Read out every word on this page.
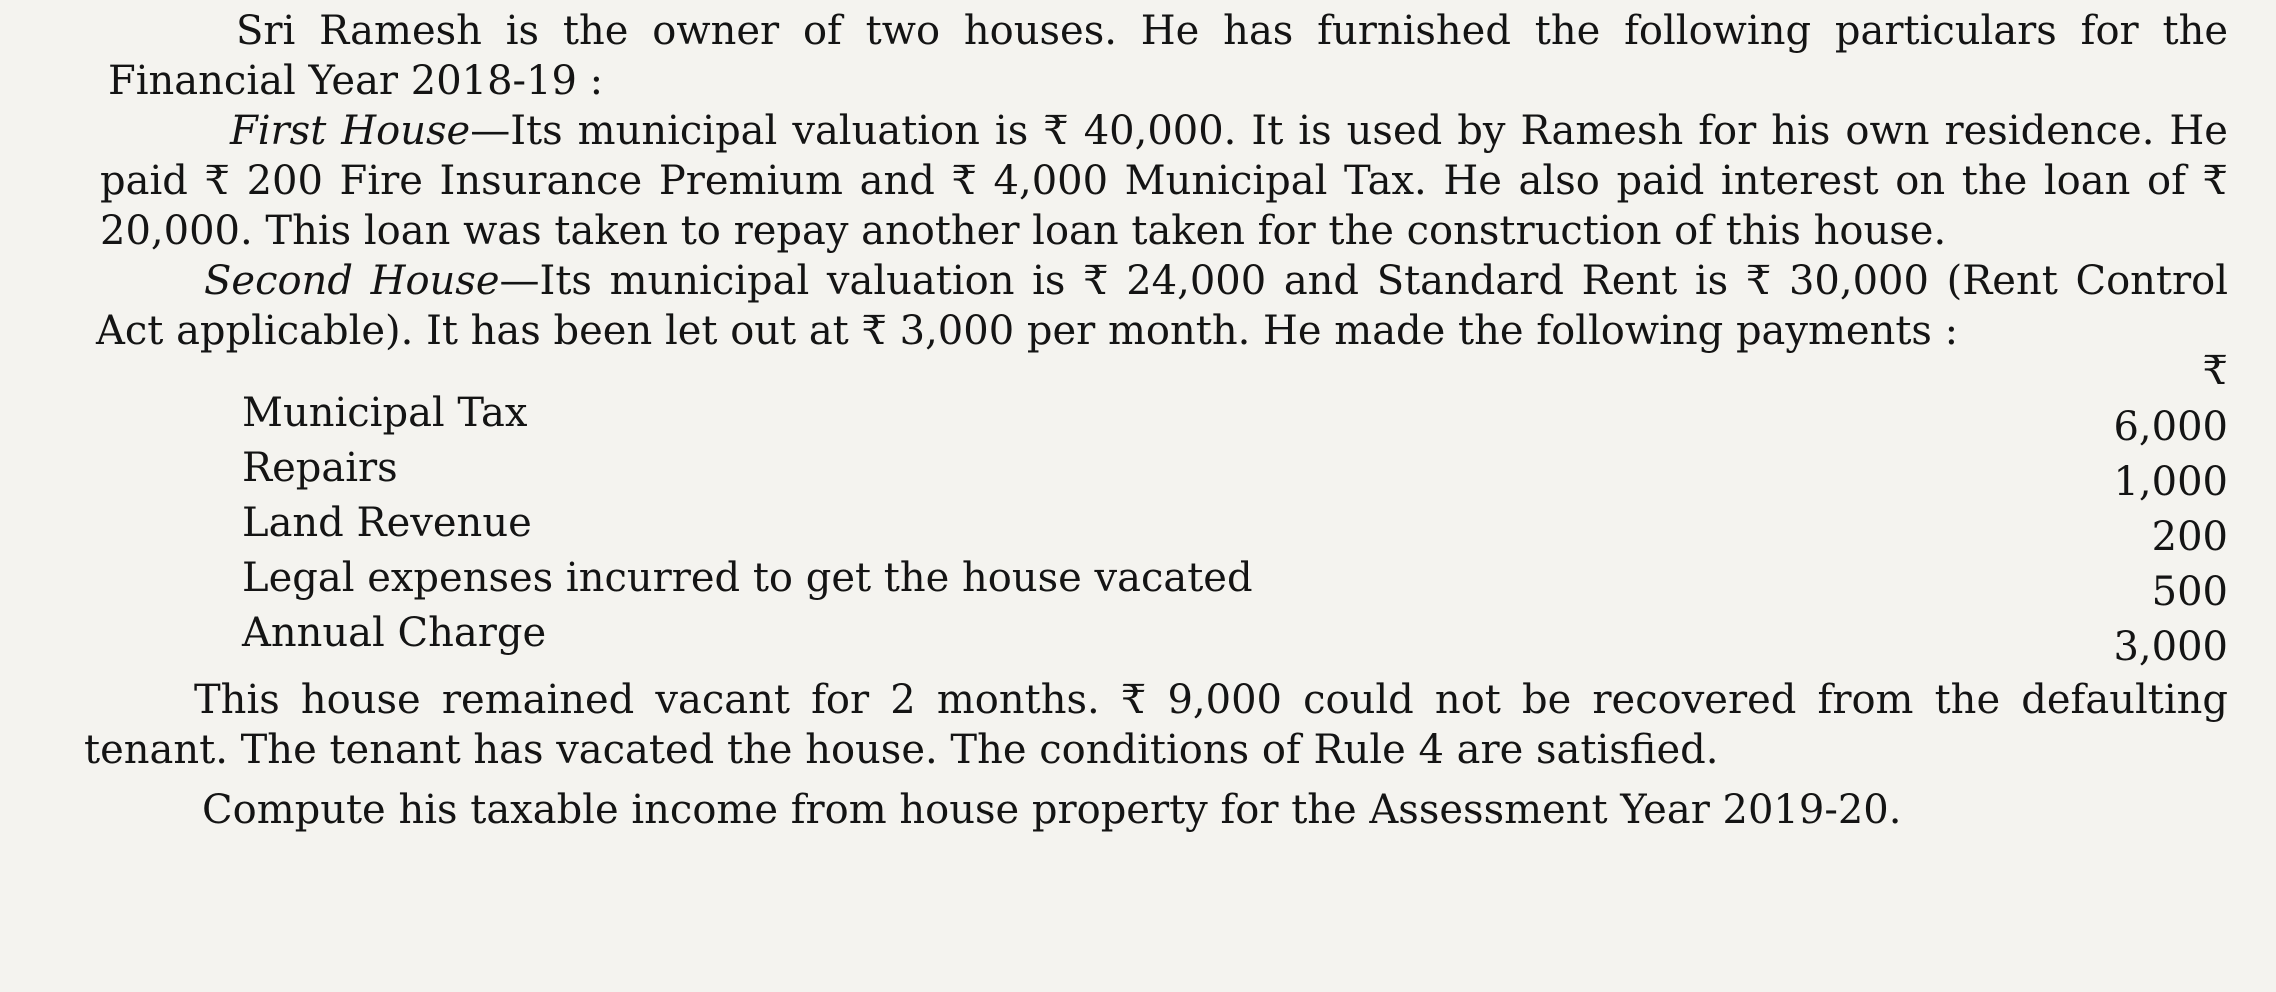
Sri Ramesh is the owner of two houses. He has furnished the following particulars for the Financial Year 2018-19 :

First House—Its municipal valuation is ₹ 40,000. It is used by Ramesh for his own residence. He paid ₹ 200 Fire Insurance Premium and ₹ 4,000 Municipal Tax. He also paid interest on the loan of ₹ 20,000. This loan was taken to repay another loan taken for the construction of this house.

Second House—Its municipal valuation is ₹ 24,000 and Standard Rent is ₹ 30,000 (Rent Control Act applicable). It has been let out at ₹ 3,000 per month. He made the following payments :

₹
Municipal Tax	6,000
Repairs	1,000
Land Revenue	200
Legal expenses incurred to get the house vacated	500
Annual Charge	3,000

This house remained vacant for 2 months. ₹ 9,000 could not be recovered from the defaulting tenant. The tenant has vacated the house. The conditions of Rule 4 are satisfied.

Compute his taxable income from house property for the Assessment Year 2019-20.
